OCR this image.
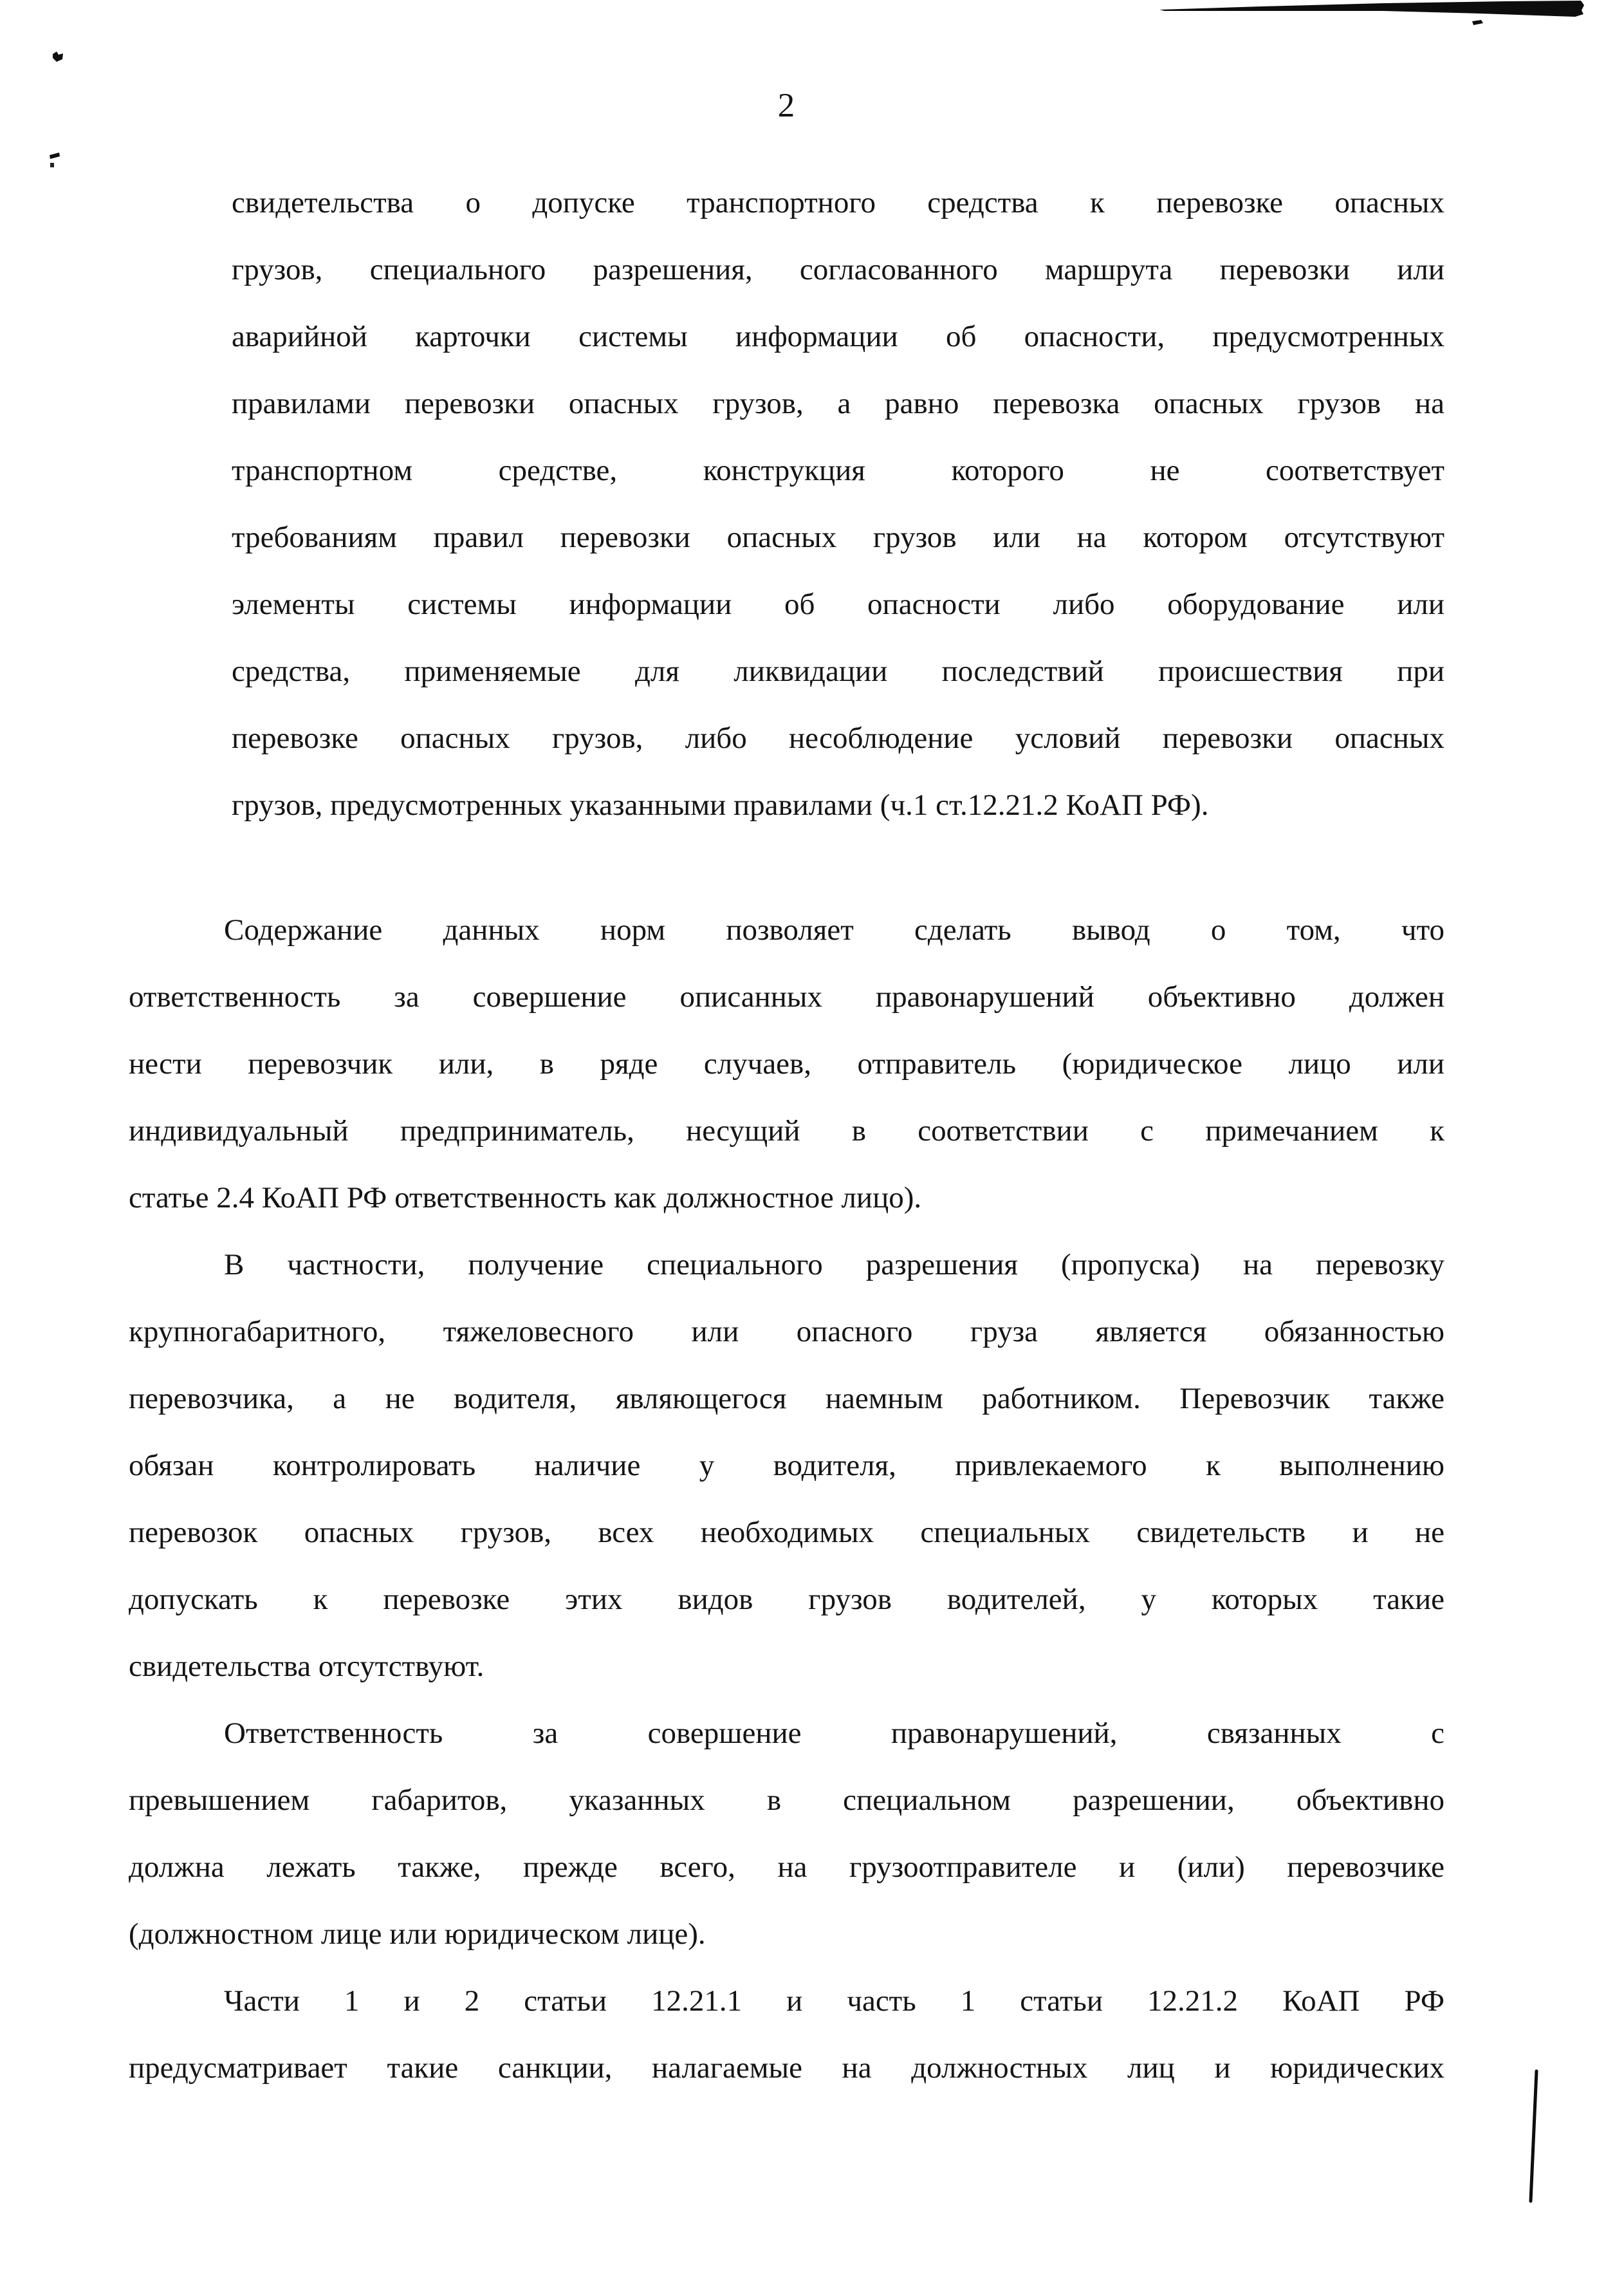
2
свидетельства о допуске транспортного средства к перевозке опасных
грузов, специального разрешения, согласованного маршрута перевозки или
аварийной карточки системы информации об опасности, предусмотренных
правилами перевозки опасных грузов, а равно перевозка опасных грузов на
транспортном средстве, конструкция которого не соответствует
требованиям правил перевозки опасных грузов или на котором отсутствуют
элементы системы информации об опасности либо оборудование или
средства, применяемые для ликвидации последствий происшествия при
перевозке опасных грузов, либо несоблюдение условий перевозки опасных
грузов, предусмотренных указанными правилами (ч.1 ст.12.21.2 КоАП РФ).
Содержание данных норм позволяет сделать вывод о том, что
ответственность за совершение описанных правонарушений объективно должен
нести перевозчик или, в ряде случаев, отправитель (юридическое лицо или
индивидуальный предприниматель, несущий в соответствии с примечанием к
статье 2.4 КоАП РФ ответственность как должностное лицо).
В частности, получение специального разрешения (пропуска) на перевозку
крупногабаритного, тяжеловесного или опасного груза является обязанностью
перевозчика, а не водителя, являющегося наемным работником. Перевозчик также
обязан контролировать наличие у водителя, привлекаемого к выполнению
перевозок опасных грузов, всех необходимых специальных свидетельств и не
допускать к перевозке этих видов грузов водителей, у которых такие
свидетельства отсутствуют.
Ответственность за совершение правонарушений, связанных с
превышением габаритов, указанных в специальном разрешении, объективно
должна лежать также, прежде всего, на грузоотправителе и (или) перевозчике
(должностном лице или юридическом лице).
Части 1 и 2 статьи 12.21.1 и часть 1 статьи 12.21.2 КоАП РФ
предусматривает такие санкции, налагаемые на должностных лиц и юридических
